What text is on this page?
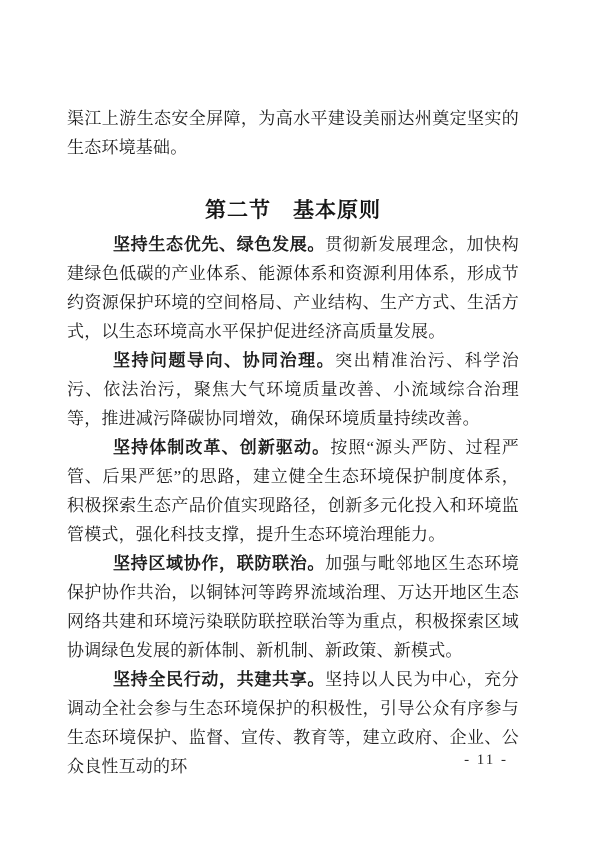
渠江上游生态安全屏障，为高水平建设美丽达州奠定坚实的生态环境基础。

第二节　基本原则

坚持生态优先、绿色发展。贯彻新发展理念，加快构建绿色低碳的产业体系、能源体系和资源利用体系，形成节约资源保护环境的空间格局、产业结构、生产方式、生活方式，以生态环境高水平保护促进经济高质量发展。

坚持问题导向、协同治理。突出精准治污、科学治污、依法治污，聚焦大气环境质量改善、小流域综合治理等，推进减污降碳协同增效，确保环境质量持续改善。

坚持体制改革、创新驱动。按照“源头严防、过程严管、后果严惩”的思路，建立健全生态环境保护制度体系，积极探索生态产品价值实现路径，创新多元化投入和环境监管模式，强化科技支撑，提升生态环境治理能力。

坚持区域协作，联防联治。加强与毗邻地区生态环境保护协作共治，以铜钵河等跨界流域治理、万达开地区生态网络共建和环境污染联防联控联治等为重点，积极探索区域协调绿色发展的新体制、新机制、新政策、新模式。

坚持全民行动，共建共享。坚持以人民为中心，充分调动全社会参与生态环境保护的积极性，引导公众有序参与生态环境保护、监督、宣传、教育等，建立政府、企业、公众良性互动的环	- 11 -
